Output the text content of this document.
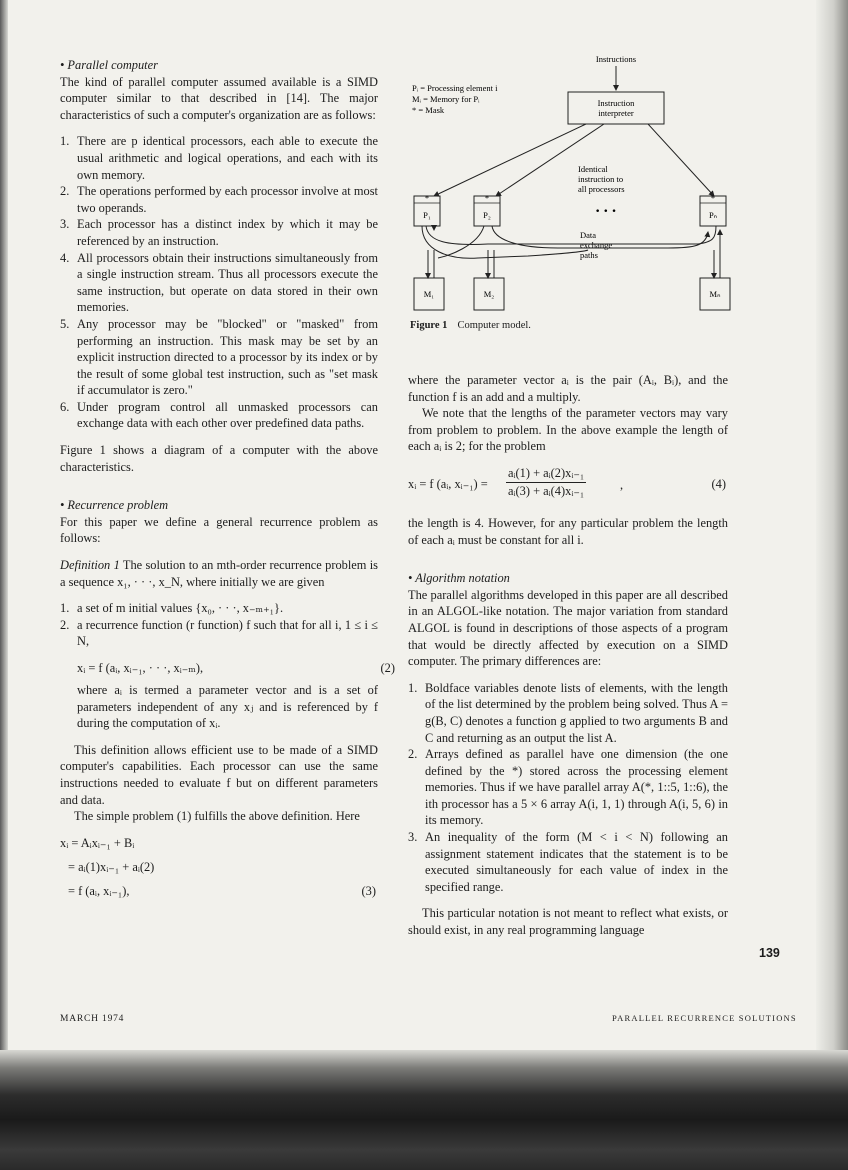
• Parallel computer

The kind of parallel computer assumed available is a SIMD computer similar to that described in [14]. The major characteristics of such a computer's organization are as follows:

1. There are p identical processors, each able to execute the usual arithmetic and logical operations, and each with its own memory.
2. The operations performed by each processor involve at most two operands.
3. Each processor has a distinct index by which it may be referenced by an instruction.
4. All processors obtain their instructions simultaneously from a single instruction stream. Thus all processors execute the same instruction, but operate on data stored in their own memories.
5. Any processor may be "blocked" or "masked" from performing an instruction. This mask may be set by an explicit instruction directed to a processor by its index or by the result of some global test instruction, such as "set mask if accumulator is zero."
6. Under program control all unmasked processors can exchange data with each other over predefined data paths.

Figure 1 shows a diagram of a computer with the above characteristics.

• Recurrence problem

For this paper we define a general recurrence problem as follows:

Definition 1 The solution to an mth-order recurrence problem is a sequence x₁, · · ·, x_N, where initially we are given

1. a set of m initial values {x₀, · · ·, x₋ₘ₊₁}.
2. a recurrence function (r function) f such that for all i, 1 ≤ i ≤ N,
xᵢ = f (aᵢ, xᵢ₋₁, · · ·, xᵢ₋ₘ),	(2)

where aᵢ is termed a parameter vector and is a set of parameters independent of any xⱼ and is referenced by f during the computation of xᵢ.

This definition allows efficient use to be made of a SIMD computer's capabilities. Each processor can use the same instructions needed to evaluate f but on different parameters and data.

The simple problem (1) fulfills the above definition. Here

xᵢ = Aᵢxᵢ₋₁ + Bᵢ
= aᵢ(1)xᵢ₋₁ + aᵢ(2)
= f (aᵢ, xᵢ₋₁),	(3)
Instructions
Pᵢ = Processing element i
Mᵢ = Memory for Pᵢ
* = Mask
Instruction
interpreter
Identical
instruction to
all processors
• • •
*	*	*
P₁	P₂	Pₙ
Data
exchange
paths
M₁	M₂	Mₙ
Figure 1 Computer model.

where the parameter vector aᵢ is the pair (Aᵢ, Bᵢ), and the function f is an add and a multiply.

We note that the lengths of the parameter vectors may vary from problem to problem. In the above example the length of each aᵢ is 2; for the problem

xᵢ = f (aᵢ, xᵢ₋₁) = $\frac{\text{aᵢ(1) + aᵢ(2)xᵢ₋₁}}{\text{aᵢ(3) + aᵢ(4)xᵢ₋₁}}$	,	(4)

the length is 4. However, for any particular problem the length of each aᵢ must be constant for all i.

• Algorithm notation

The parallel algorithms developed in this paper are all described in an ALGOL-like notation. The major variation from standard ALGOL is found in descriptions of those aspects of a program that would be directly affected by execution on a SIMD computer. The primary differences are:

1. Boldface variables denote lists of elements, with the length of the list determined by the problem being solved. Thus A = g(B, C) denotes a function g applied to two arguments B and C and returning as an output the list A.
2. Arrays defined as parallel have one dimension (the one defined by the *) stored across the processing element memories. Thus if we have parallel array A(*, 1::5, 1::6), the ith processor has a 5 × 6 array A(i, 1, 1) through A(i, 5, 6) in its memory.
3. An inequality of the form (M < i < N) following an assignment statement indicates that the statement is to be executed simultaneously for each value of index in the specified range.

This particular notation is not meant to reflect what exists, or should exist, in any real programming language

139
MARCH 1974	PARALLEL RECURRENCE SOLUTIONS
